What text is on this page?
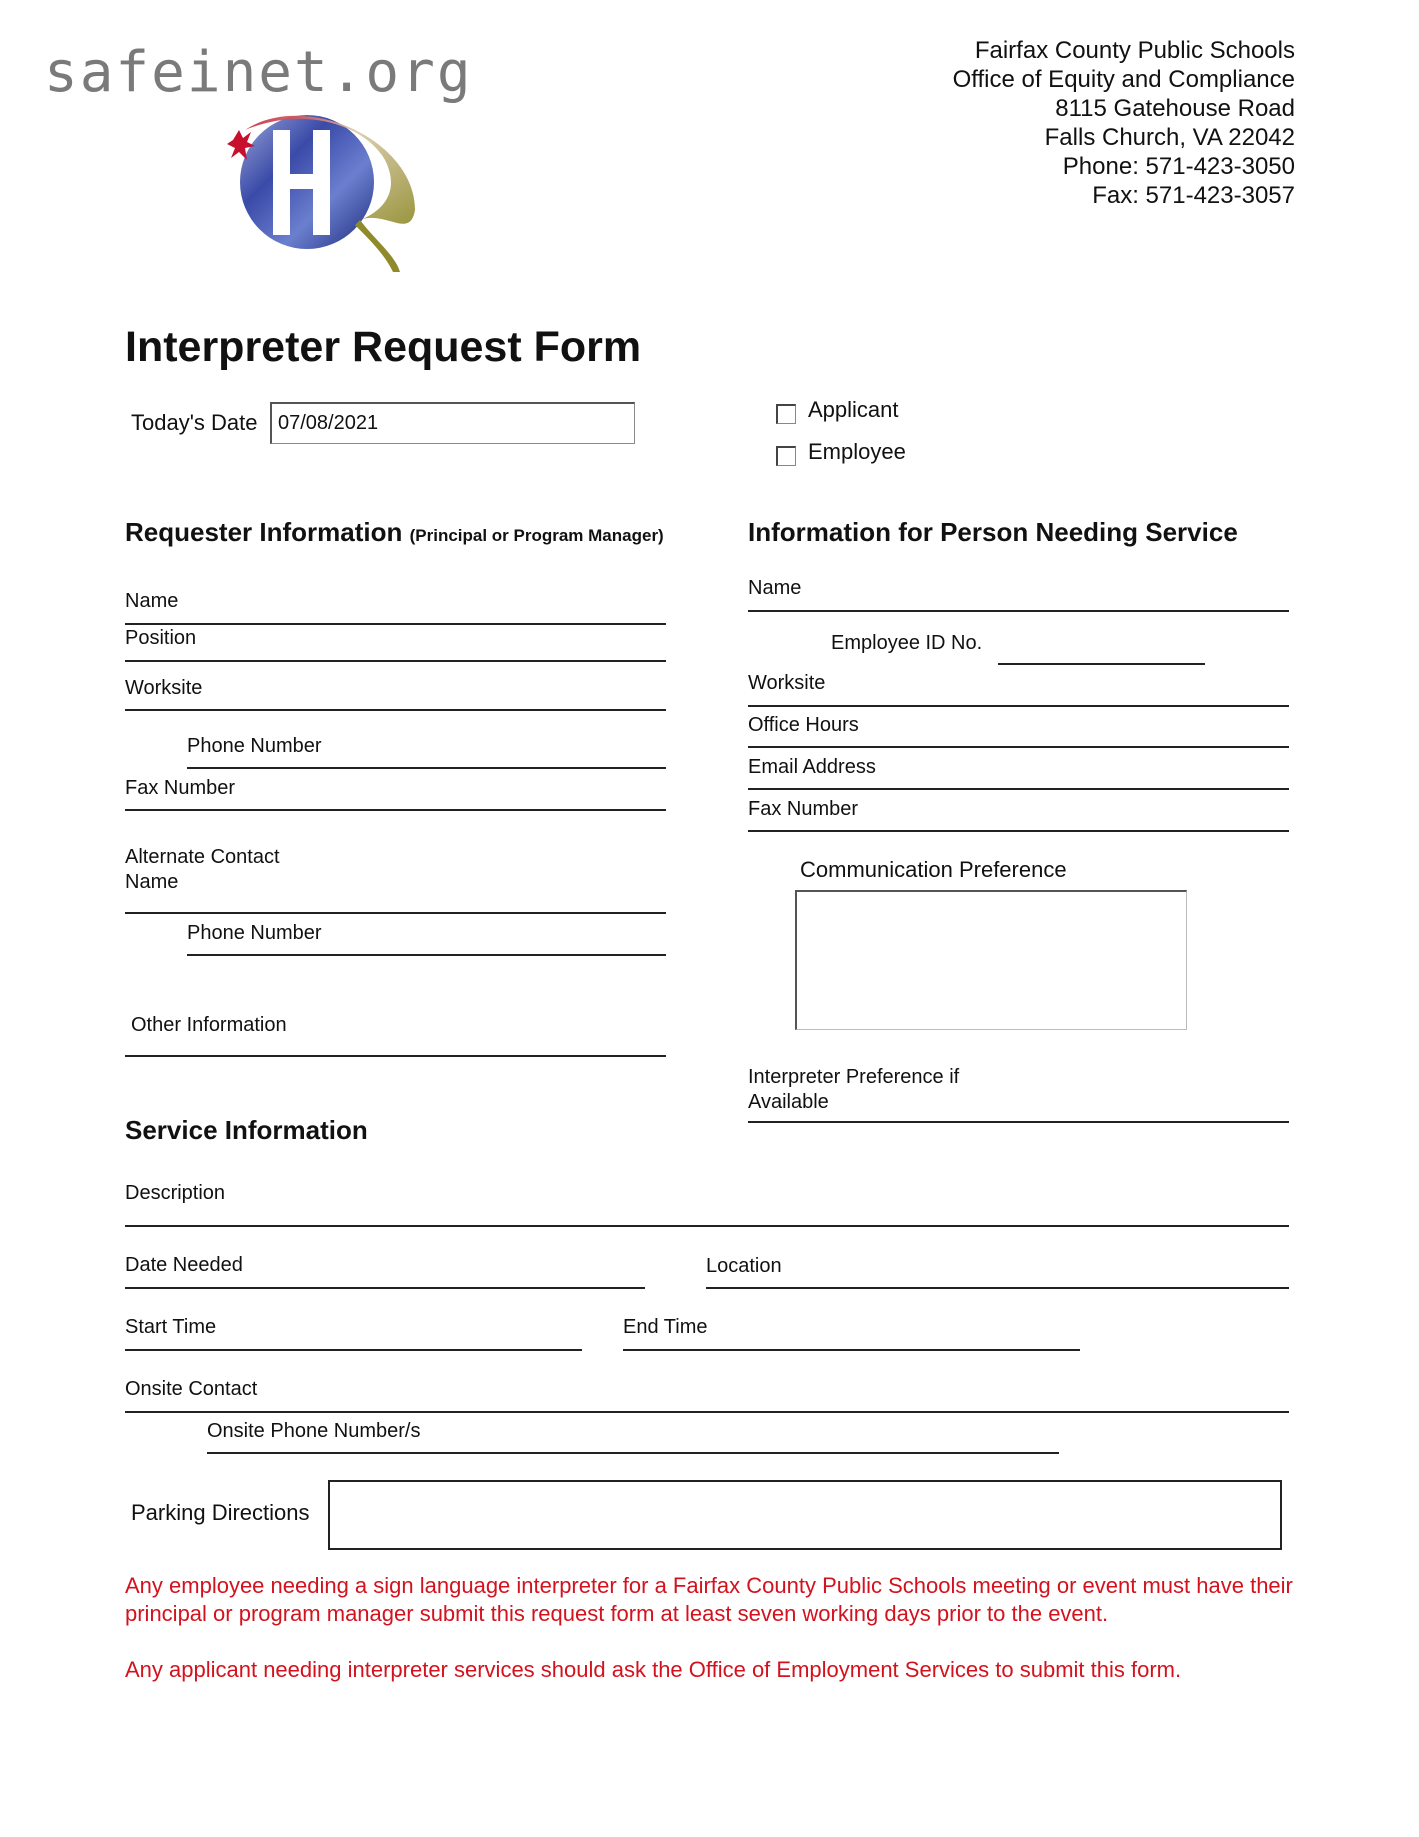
safeinet.org	Fairfax County Public Schools
Office of Equity and Compliance
8115 Gatehouse Road
Falls Church, VA 22042
Phone: 571-423-3050
Fax: 571-423-3057
Interpreter Request Form
Today's Date	07/08/2021
Applicant
Employee
Requester Information (Principal or Program Manager)
Name
Position
Worksite
Phone Number
Fax Number
Alternate Contact
Name
Phone Number
Other Information
Information for Person Needing Service
Name
Employee ID No.
Worksite
Office Hours
Email Address
Fax Number
Communication Preference
Interpreter Preference if
Available
Service Information
Description
Date Needed	Location
Start Time	End Time
Onsite Contact
Onsite Phone Number/s
Parking Directions
Any employee needing a sign language interpreter for a Fairfax County Public Schools meeting or event must have their principal or program manager submit this request form at least seven working days prior to the event.
Any applicant needing interpreter services should ask the Office of Employment Services to submit this form.
